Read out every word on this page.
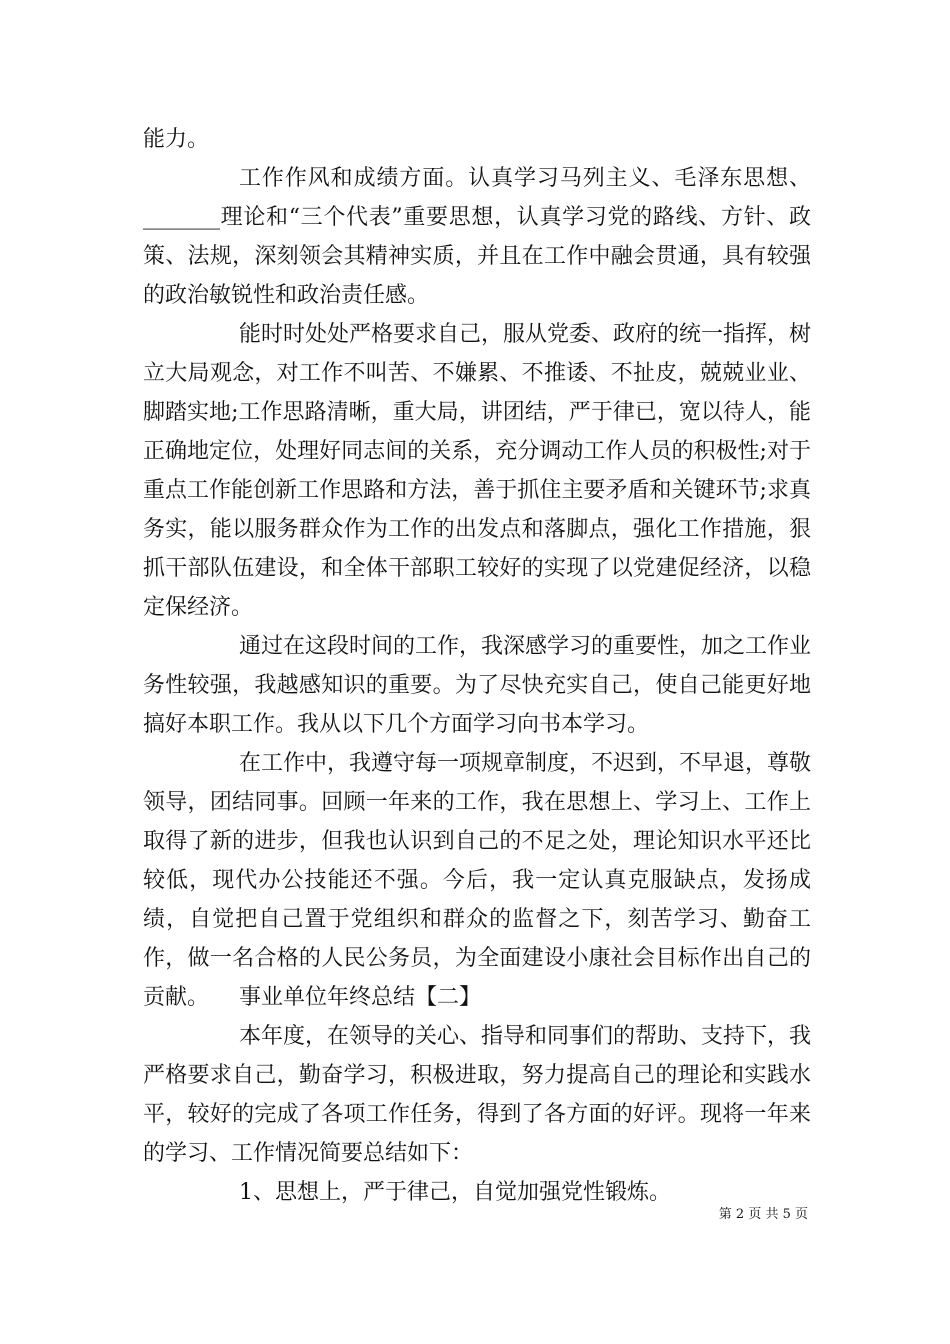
能力。

工作作风和成绩方面。认真学习马列主义、毛泽东思想、_______理论和“三个代表”重要思想，认真学习党的路线、方针、政策、法规，深刻领会其精神实质，并且在工作中融会贯通，具有较强的政治敏锐性和政治责任感。

能时时处处严格要求自己，服从党委、政府的统一指挥，树立大局观念，对工作不叫苦、不嫌累、不推诿、不扯皮，兢兢业业、脚踏实地;工作思路清晰，重大局，讲团结，严于律已，宽以待人，能正确地定位，处理好同志间的关系，充分调动工作人员的积极性;对于重点工作能创新工作思路和方法，善于抓住主要矛盾和关键环节;求真务实，能以服务群众作为工作的出发点和落脚点，强化工作措施，狠抓干部队伍建设，和全体干部职工较好的实现了以党建促经济，以稳定保经济。

通过在这段时间的工作，我深感学习的重要性，加之工作业务性较强，我越感知识的重要。为了尽快充实自己，使自己能更好地搞好本职工作。我从以下几个方面学习向书本学习。

在工作中，我遵守每一项规章制度，不迟到，不早退，尊敬领导，团结同事。回顾一年来的工作，我在思想上、学习上、工作上取得了新的进步，但我也认识到自己的不足之处，理论知识水平还比较低，现代办公技能还不强。今后，我一定认真克服缺点，发扬成绩，自觉把自己置于党组织和群众的监督之下，刻苦学习、勤奋工作，做一名合格的人民公务员，为全面建设小康社会目标作出自己的贡献。	事业单位年终总结【二】

本年度，在领导的关心、指导和同事们的帮助、支持下，我严格要求自己，勤奋学习，积极进取，努力提高自己的理论和实践水平，较好的完成了各项工作任务，得到了各方面的好评。现将一年来的学习、工作情况简要总结如下：

1、思想上，严于律己，自觉加强党性锻炼。

第 2 页 共 5 页
